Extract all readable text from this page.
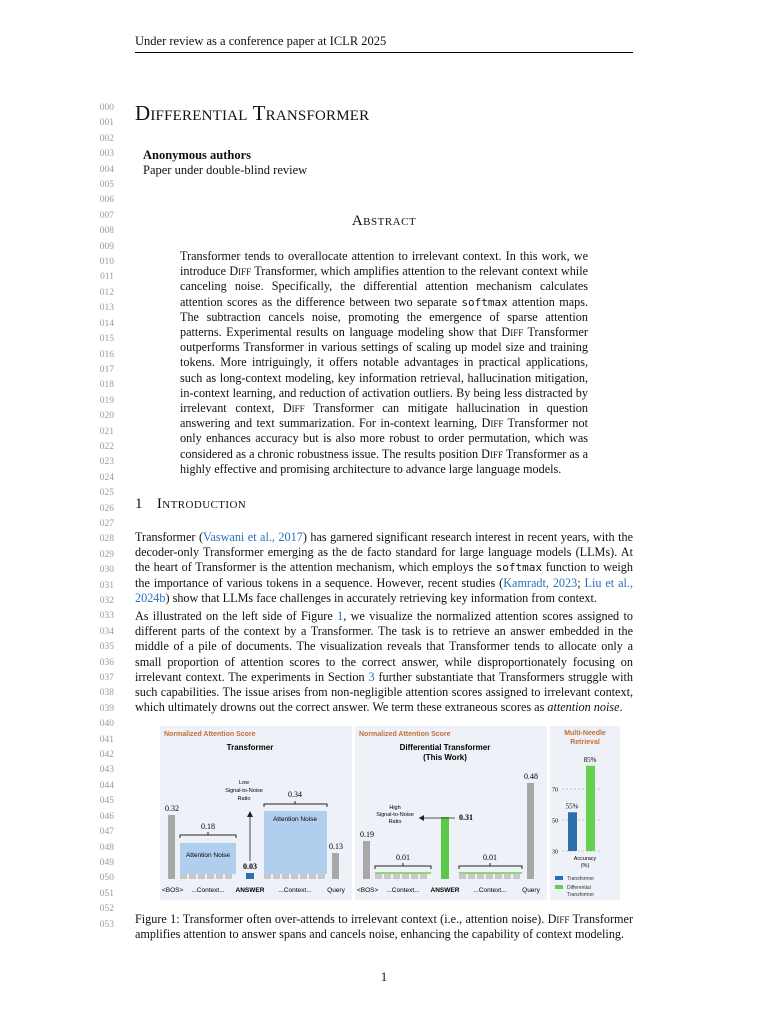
Under review as a conference paper at ICLR 2025
000
001
002
003
004
005
006
007
008
009
010
011
012
013
014
015
016
017
018
019
020
021
022
023
024
025
026
027
028
029
030
031
032
033
034
035
036
037
038
039
040
041
042
043
044
045
046
047
048
049
050
051
052
053
Differential Transformer
Anonymous authors
Paper under double-blind review
Abstract
Transformer tends to overallocate attention to irrelevant context. In this work, we introduce Diff Transformer, which amplifies attention to the relevant context while canceling noise. Specifically, the differential attention mechanism calculates attention scores as the difference between two separate softmax attention maps. The subtraction cancels noise, promoting the emergence of sparse attention patterns. Experimental results on language modeling show that Diff Transformer outperforms Transformer in various settings of scaling up model size and training tokens. More intriguingly, it offers notable advantages in practical applications, such as long-context modeling, key information retrieval, hallucination mitigation, in-context learning, and reduction of activation outliers. By being less distracted by irrelevant context, Diff Transformer can mitigate hallucination in question answering and text summarization. For in-context learning, Diff Transformer not only enhances accuracy but is also more robust to order permutation, which was considered as a chronic robustness issue. The results position Diff Transformer as a highly effective and promising architecture to advance large language models.
1 Introduction
Transformer (Vaswani et al., 2017) has garnered significant research interest in recent years, with the decoder-only Transformer emerging as the de facto standard for large language models (LLMs). At the heart of Transformer is the attention mechanism, which employs the softmax function to weigh the importance of various tokens in a sequence. However, recent studies (Kamradt, 2023; Liu et al., 2024b) show that LLMs face challenges in accurately retrieving key information from context.
As illustrated on the left side of Figure 1, we visualize the normalized attention scores assigned to different parts of the context by a Transformer. The task is to retrieve an answer embedded in the middle of a pile of documents. The visualization reveals that Transformer tends to allocate only a small proportion of attention scores to the correct answer, while disproportionately focusing on irrelevant context. The experiments in Section 3 further substantiate that Transformers struggle with such capabilities. The issue arises from non-negligible attention scores assigned to irrelevant context, which ultimately drowns out the correct answer. We term these extraneous scores as attention noise.
Normalized Attention Score	Normalized Attention Score	Multi-Needle
Retrieval
Transformer
0.32
Attention Noise
0.18
0.03
Low
Signal-to-Noise
Ratio
Attention Noise
0.34
0.13
<BOS> ...Context... ANSWER ...Context... Query
Differential Transformer
(This Work)
0.19
0.01
0.31
High
Signal-to-Noise
Ratio
0.01
0.48
<BOS> ...Context... ANSWER ...Context... Query
30
50
70
55%
85%
Accuracy
(%)
Transformer
Differential
Transformer
Figure 1: Transformer often over-attends to irrelevant context (i.e., attention noise). Diff Transformer amplifies attention to answer spans and cancels noise, enhancing the capability of context modeling.
1
